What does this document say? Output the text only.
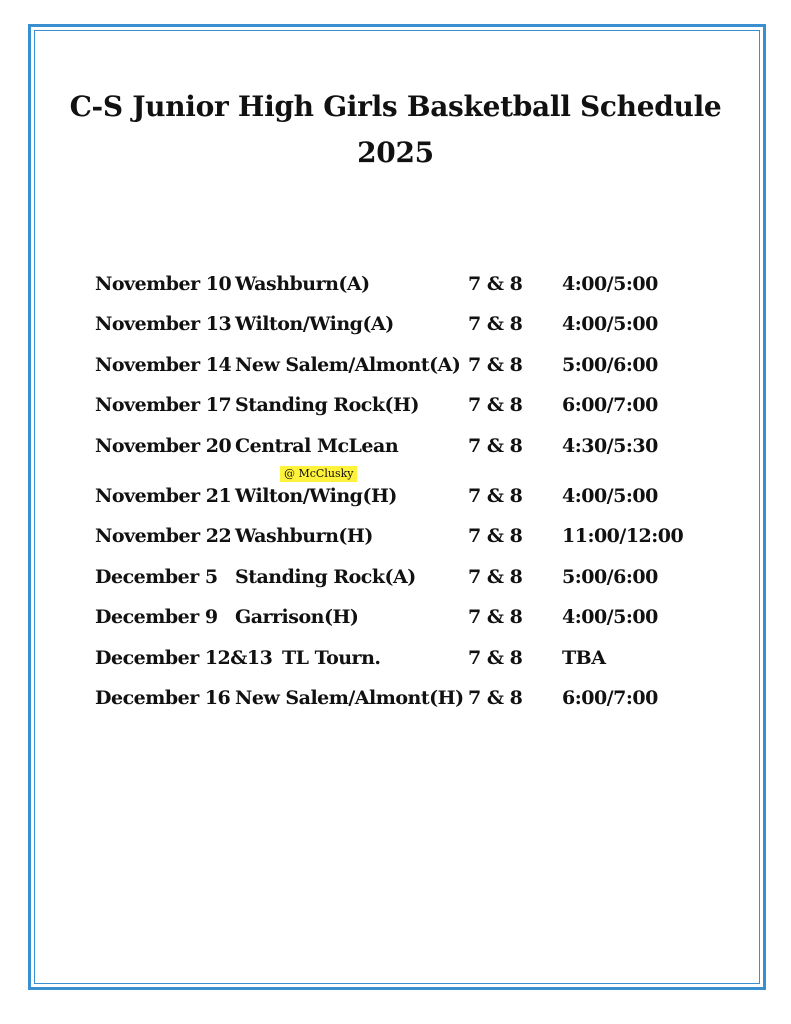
C-S Junior High Girls Basketball Schedule
2025
November 10 Washburn(A)	7 & 8 4:00/5:00
November 13 Wilton/Wing(A)	7 & 8 4:00/5:00
November 14 New Salem/Almont(A) 7 & 8 5:00/6:00
November 17 Standing Rock(H)	7 & 8 6:00/7:00
November 20 Central McLean	7 & 8 4:30/5:30
@ McClusky
November 21 Wilton/Wing(H)	7 & 8 4:00/5:00
November 22 Washburn(H)	7 & 8 11:00/12:00
December 5 Standing Rock(A)	7 & 8 5:00/6:00
December 9 Garrison(H)	7 & 8 4:00/5:00
December 12&13 TL Tourn.	7 & 8 TBA
December 16 New Salem/Almont(H) 7 & 8 6:00/7:00
